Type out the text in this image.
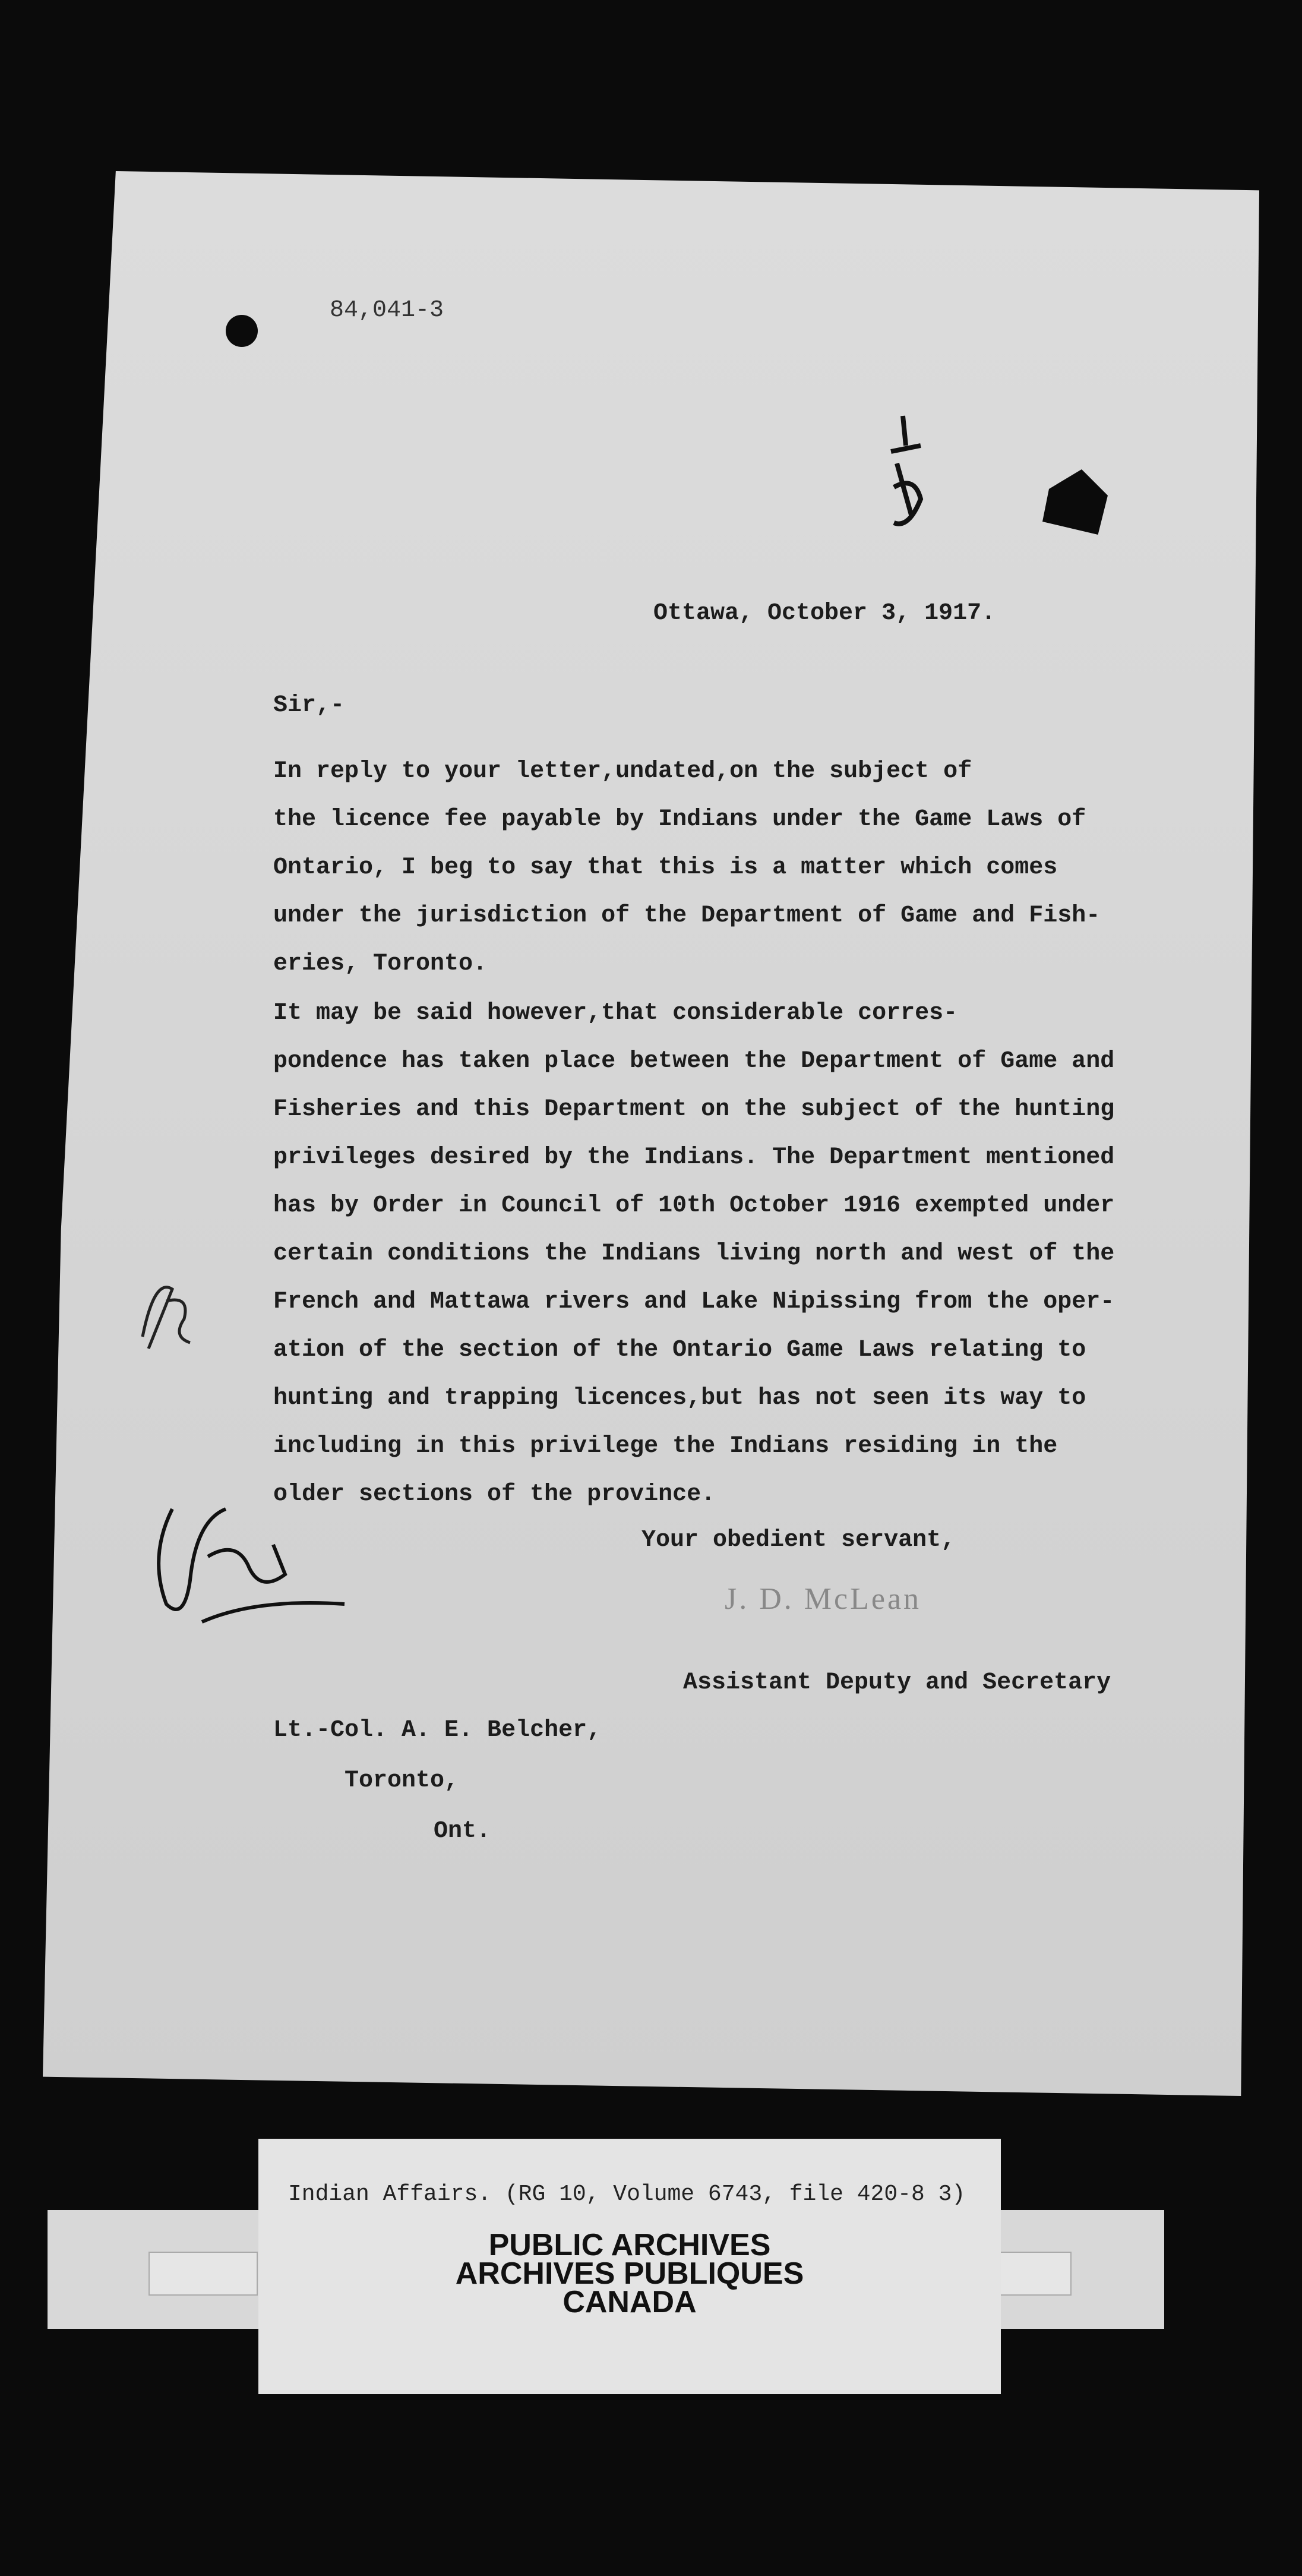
84,041-3
Ottawa, October 3, 1917.
Sir,-
In reply to your letter,undated,on the subject of
the licence fee payable by Indians under the Game Laws of
Ontario, I beg to say that this is a matter which comes
under the jurisdiction of the Department of Game and Fish-
eries, Toronto.
It may be said however,that considerable corres-
pondence has taken place between the Department of Game and
Fisheries and this Department on the subject of the hunting
privileges desired by the Indians. The Department mentioned
has by Order in Council of 10th October 1916 exempted under
certain conditions the Indians living north and west of the
French and Mattawa rivers and Lake Nipissing from the oper-
ation of the section of the Ontario Game Laws relating to
hunting and trapping licences,but has not seen its way to
including in this privilege the Indians residing in the
older sections of the province.
Your obedient servant,
J. D. McLean
Assistant Deputy and Secretary
Lt.-Col. A. E. Belcher,
Toronto,
Ont.
Indian Affairs. (RG 10, Volume 6743, file 420-8 3)
PUBLIC ARCHIVES
ARCHIVES PUBLIQUES
CANADA
